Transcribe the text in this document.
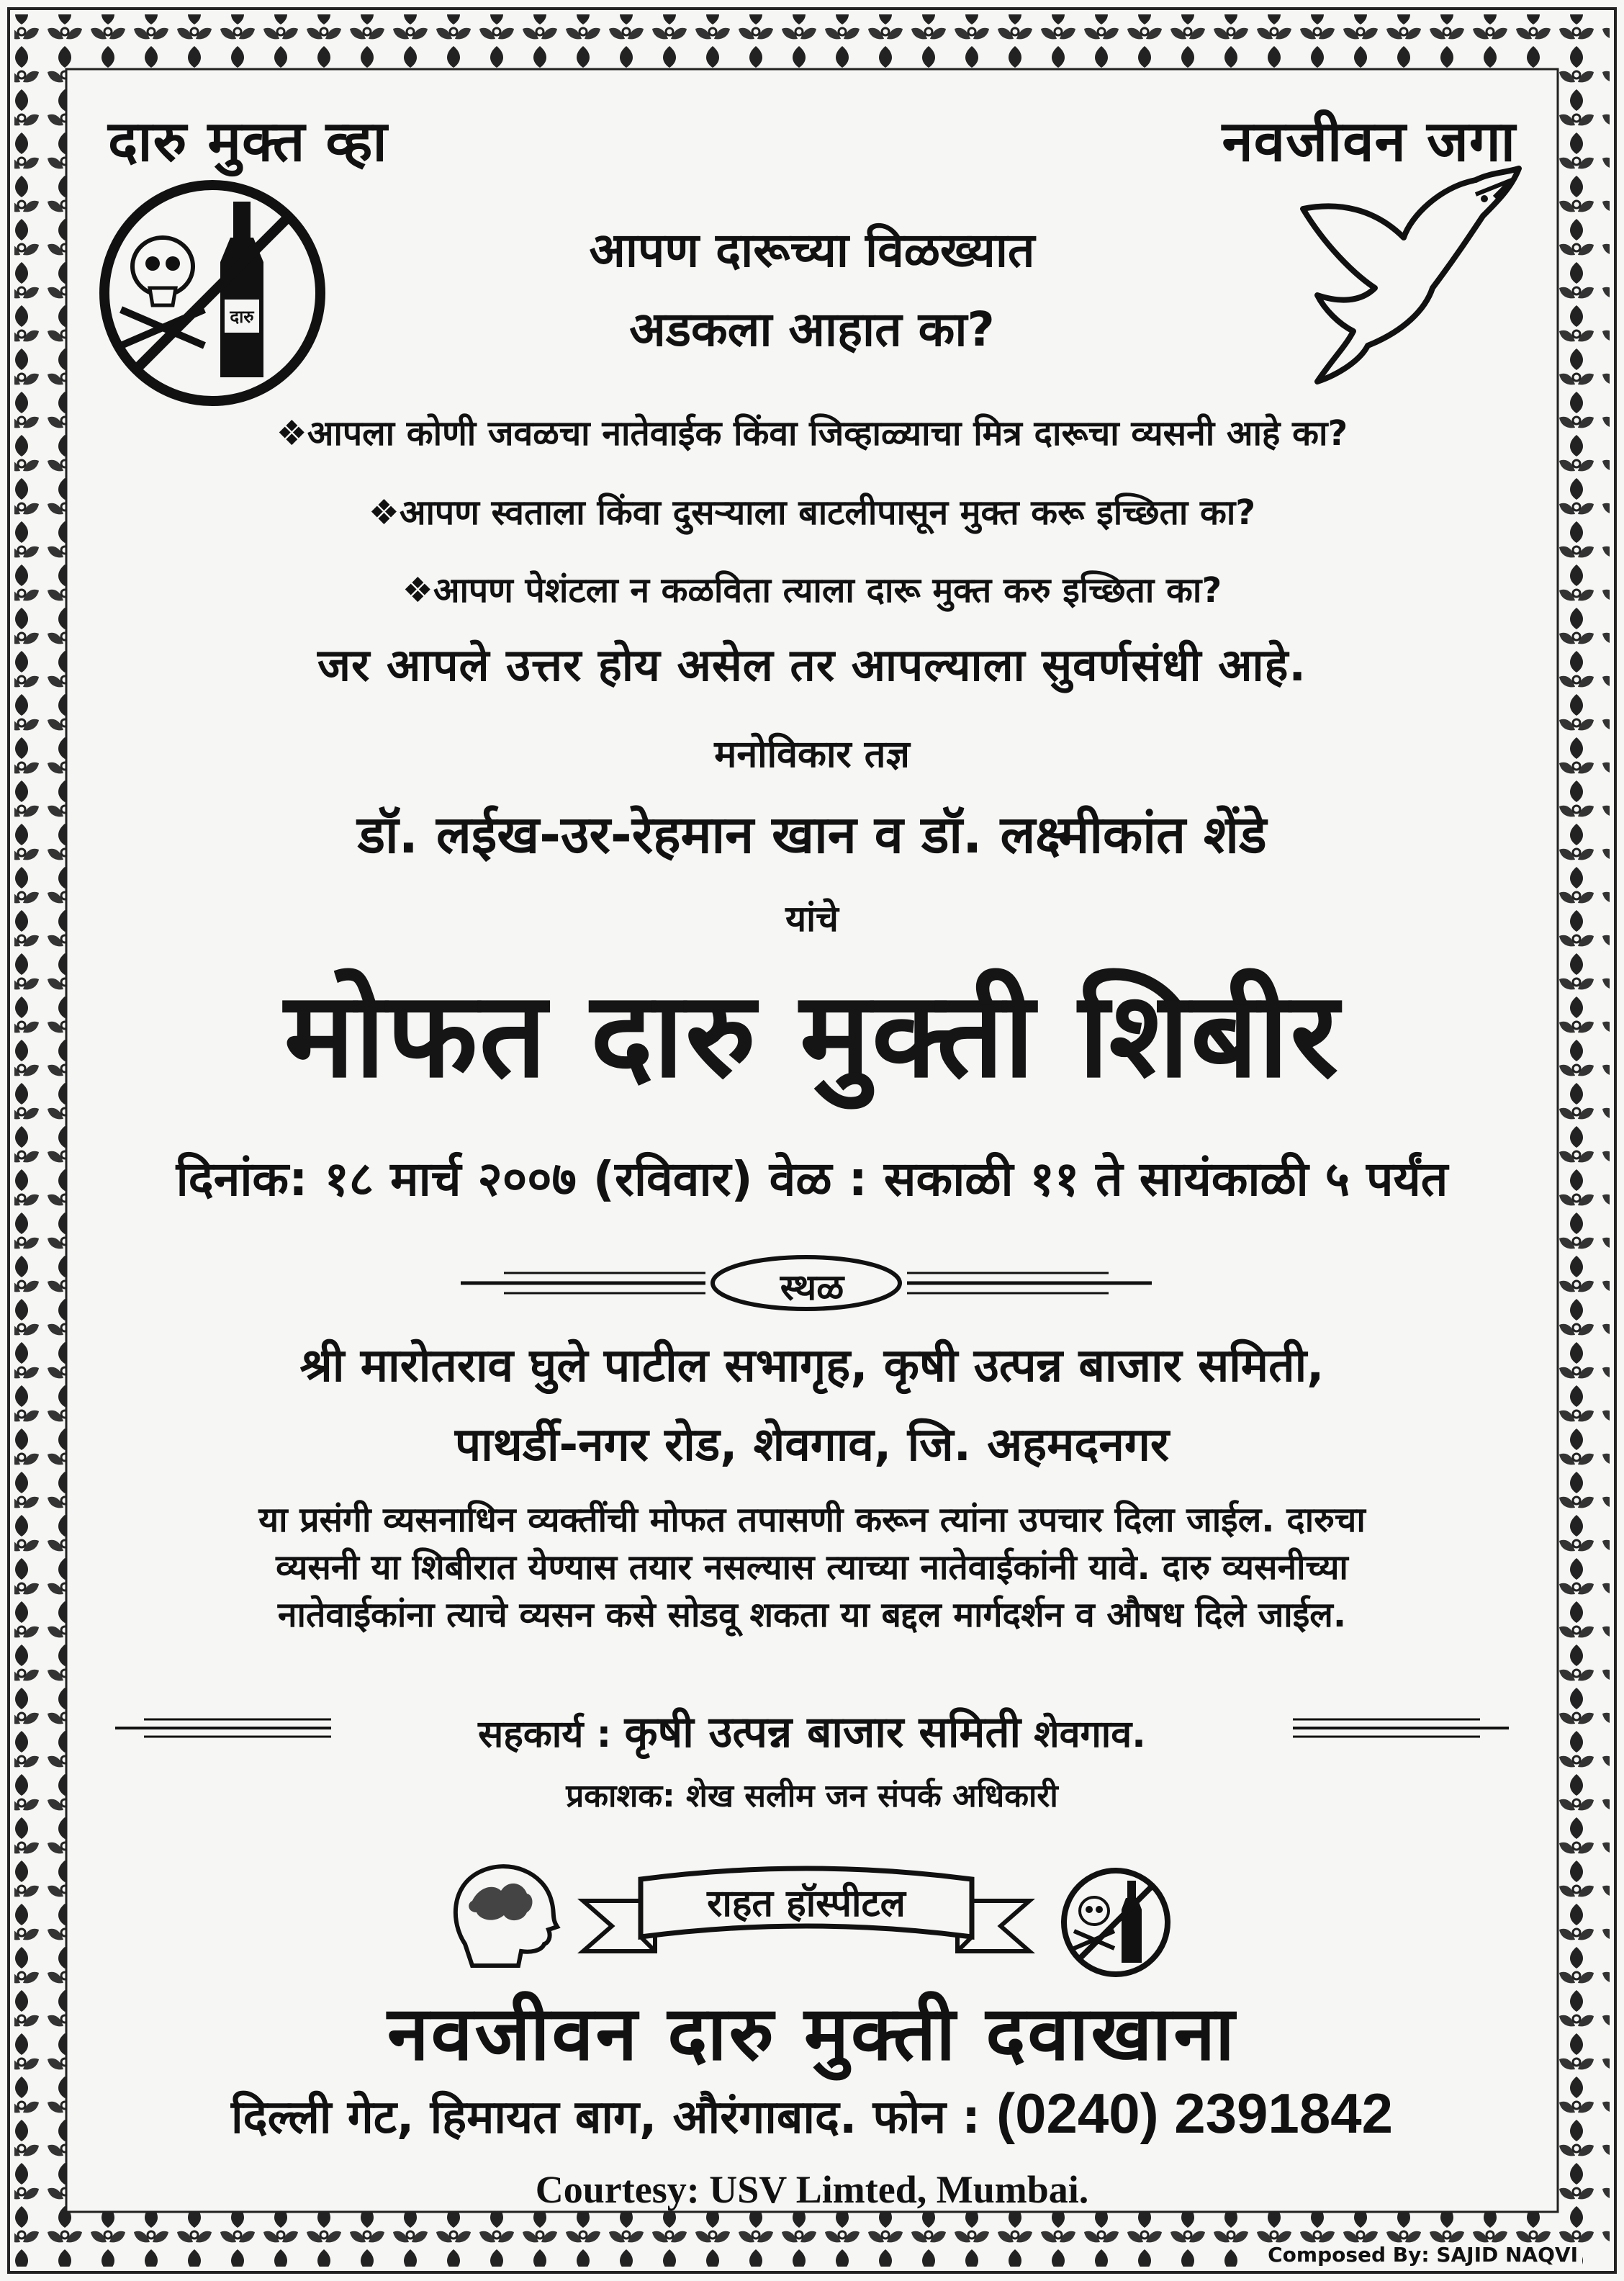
दारु मुक्त व्हा	नवजीवन जगा
दारु
आपण दारूच्या विळख्यात
अडकला आहात का?
❖आपला कोणी जवळचा नातेवाईक किंवा जिव्हाळ्याचा मित्र दारूचा व्यसनी आहे का?
❖आपण स्वताला किंवा दुसऱ्याला बाटलीपासून मुक्त करू इच्छिता का?
❖आपण पेशंटला न कळविता त्याला दारू मुक्त करु इच्छिता का?
जर आपले उत्तर होय असेल तर आपल्याला सुवर्णसंधी आहे.
मनोविकार तज्ञ
डॉ. लईख-उर-रेहमान खान व डॉ. लक्ष्मीकांत शेंडे
यांचे
मोफत दारु मुक्ती शिबीर
दिनांक: १८ मार्च २००७ (रविवार) वेळ : सकाळी ११ ते सायंकाळी ५ पर्यंत
स्थळ
श्री मारोतराव घुले पाटील सभागृह, कृषी उत्पन्न बाजार समिती,
पाथर्डी-नगर रोड, शेवगाव, जि. अहमदनगर
या प्रसंगी व्यसनाधिन व्यक्तींची मोफत तपासणी करून त्यांना उपचार दिला जाईल. दारुचा
व्यसनी या शिबीरात येण्यास तयार नसल्यास त्याच्या नातेवाईकांनी यावे. दारु व्यसनीच्या
नातेवाईकांना त्याचे व्यसन कसे सोडवू शकता या बद्दल मार्गदर्शन व औषध दिले जाईल.
सहकार्य : कृषी उत्पन्न बाजार समिती शेवगाव.
प्रकाशक: शेख सलीम जन संपर्क अधिकारी
राहत हॉस्पीटल
नवजीवन दारु मुक्ती दवाखाना
दिल्ली गेट, हिमायत बाग, औरंगाबाद. फोन : (0240) 2391842
Courtesy: USV Limted, Mumbai.
Composed By: SAJID NAQVI
